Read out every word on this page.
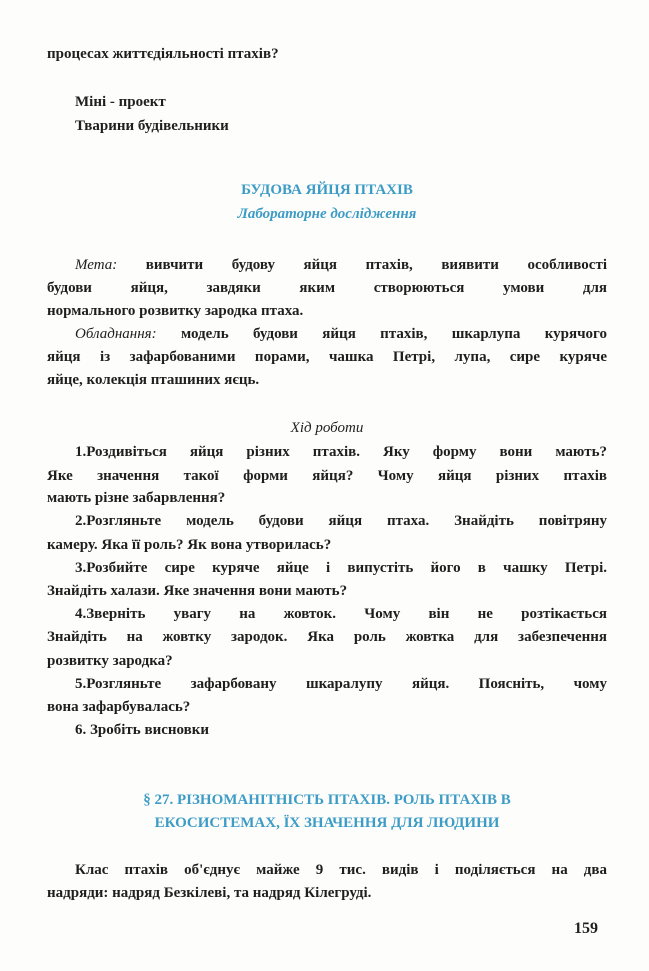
процесах життєдіяльності птахів?
Міні - проект
Тварини будівельники
БУДОВА ЯЙЦЯ ПТАХІВ
Лабораторне дослідження
Мета: вивчити будову яйця птахів, виявити особливості
будови яйця, завдяки яким створюються умови для
нормального розвитку зародка птаха.
Обладнання: модель будови яйця птахів, шкарлупа курячого
яйця із зафарбованими порами, чашка Петрі, лупа, сире куряче
яйце, колекція пташиних яєць.
Хід роботи
1.Роздивіться яйця різних птахів. Яку форму вони мають?
Яке значення такої форми яйця? Чому яйця різних птахів
мають різне забарвлення?
2.Розгляньте модель будови яйця птаха. Знайдіть повітряну
камеру. Яка її роль? Як вона утворилась?
3.Розбийте сире куряче яйце і випустіть його в чашку Петрі.
Знайдіть халази. Яке значення вони мають?
4.Зверніть увагу на жовток. Чому він не розтікається
Знайдіть на жовтку зародок. Яка роль жовтка для забезпечення
розвитку зародка?
5.Розгляньте зафарбовану шкаралупу яйця. Поясніть, чому
вона зафарбувалась?
6. Зробіть висновки
§ 27. РІЗНОМАНІТНІСТЬ ПТАХІВ. РОЛЬ ПТАХІВ В
ЕКОСИСТЕМАХ, ЇХ ЗНАЧЕННЯ ДЛЯ ЛЮДИНИ
Клас птахів об'єднує майже 9 тис. видів і поділяється на два
надряди: надряд Безкілеві, та надряд Кілегруді.
159
